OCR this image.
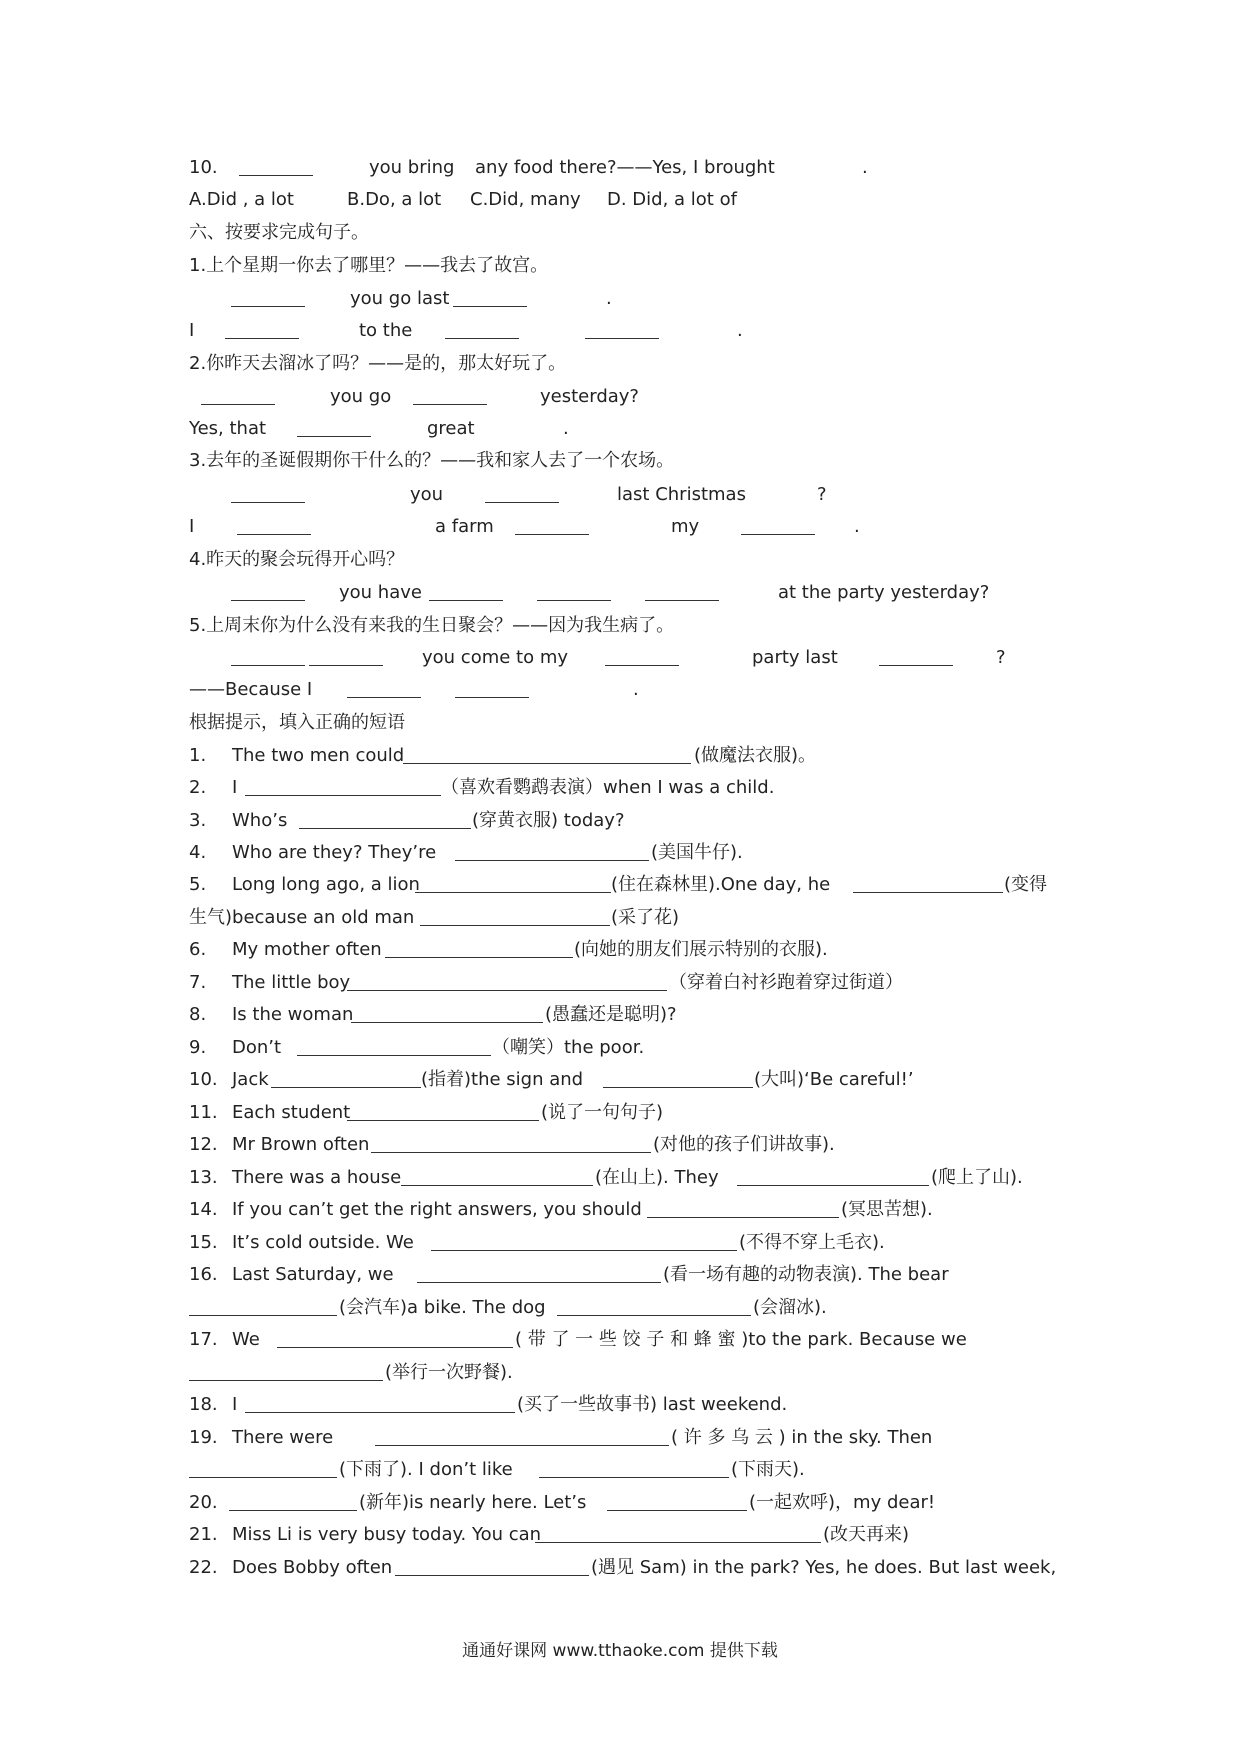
10.	you bring any food there?——Yes, I brought	.
A.Did , a lot	B.Do, a lot C.Did, many D. Did, a lot of
六、按要求完成句子。
1.上个星期一你去了哪里？——我去了故宫。
you go last	.
I	to the	.
2.你昨天去溜冰了吗？——是的，那太好玩了。
you go	yesterday?
Yes, that	great	.
3.去年的圣诞假期你干什么的？——我和家人去了一个农场。
you	last Christmas	?
I	a farm	my	.
4.昨天的聚会玩得开心吗？
you have	at the party yesterday?
5.上周末你为什么没有来我的生日聚会？——因为我生病了。
you come to my	party last	?
——Because I	.
根据提示，填入正确的短语
1. The two men could	(做魔法衣服)。
2. I	（喜欢看鹦鹉表演）when I was a child.
3. Who’s	(穿黄衣服) today?
4. Who are they? They’re	(美国牛仔).
5. Long long ago, a lion	(住在森林里).One day, he	(变得
生气)because an old man	(采了花)
6. My mother often	(向她的朋友们展示特别的衣服).
7. The little boy	（穿着白衬衫跑着穿过街道）
8. Is the woman	(愚蠢还是聪明)?
9. Don’t	（嘲笑）the poor.
10. Jack	(指着)the sign and	(大叫)‘Be careful!’
11. Each student	(说了一句句子)
12. Mr Brown often	(对他的孩子们讲故事).
13. There was a house	(在山上). They	(爬上了山).
14. If you can’t get the right answers, you should	(冥思苦想).
15. It’s cold outside. We	(不得不穿上毛衣).
16. Last Saturday, we	(看一场有趣的动物表演). The bear
(会汽车)a bike. The dog	(会溜冰).
17. We	( 带 了 一 些 饺 子 和 蜂 蜜 )to the park. Because we
(举行一次野餐).
18. I	(买了一些故事书) last weekend.
19. There were	( 许 多 乌 云 ) in the sky. Then
(下雨了). I don’t like	(下雨天).
20.	(新年)is nearly here. Let’s	(一起欢呼)，my dear!
21. Miss Li is very busy today. You can	(改天再来)
22. Does Bobby often	(遇见 Sam) in the park? Yes, he does. But last week,
通通好课网 www.tthaoke.com 提供下载
